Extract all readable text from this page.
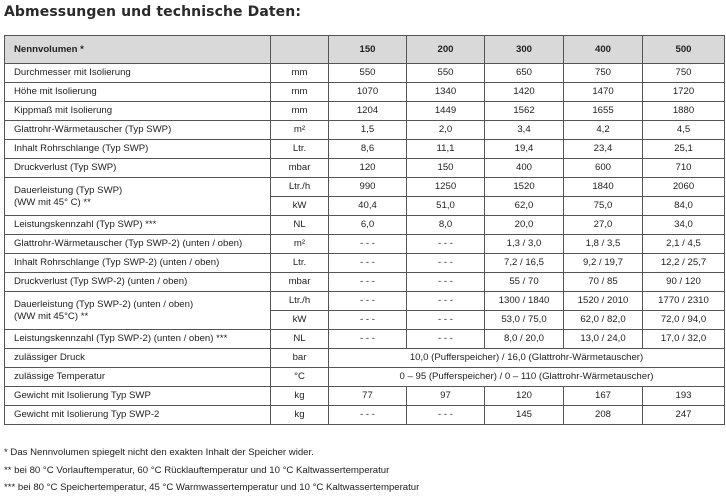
Abmessungen und technische Daten:
Nennvolumen *		150	200	300	400	500
Durchmesser mit Isolierung	mm	550	550	650	750	750
Höhe mit Isolierung	mm	1070	1340	1420	1470	1720
Kippmaß mit Isolierung	mm	1204	1449	1562	1655	1880
Glattrohr-Wärmetauscher (Typ SWP)	m²	1,5	2,0	3,4	4,2	4,5
Inhalt Rohrschlange (Typ SWP)	Ltr.	8,6	11,1	19,4	23,4	25,1
Druckverlust (Typ SWP)	mbar	120	150	400	600	710

Dauerleistung (Typ SWP)
(WW mit 45° C) **	Ltr./h	990	1250	1520	1840	2060
	kW	40,4	51,0	62,0	75,0	84,0
Leistungskennzahl (Typ SWP) ***	NL	6,0	8,0	20,0	27,0	34,0
Glattrohr-Wärmetauscher (Typ SWP-2) (unten / oben)	m²	- - -	- - -	1,3 / 3,0	1,8 / 3,5	2,1 / 4,5
Inhalt Rohrschlange (Typ SWP-2) (unten / oben)	Ltr.	- - -	- - -	7,2 / 16,5	9,2 / 19,7	12,2 / 25,7
Druckverlust (Typ SWP-2) (unten / oben)	mbar	- - -	- - -	55 / 70	70 / 85	90 / 120

Dauerleistung (Typ SWP-2) (unten / oben)
(WW mit 45°C) **	Ltr./h	- - -	- - -	1300 / 1840	1520 / 2010	1770 / 2310
	kW	- - -	- - -	53,0 / 75,0	62,0 / 82,0	72,0 / 94,0
Leistungskennzahl (Typ SWP-2) (unten / oben) ***	NL	- - -	- - -	8,0 / 20,0	13,0 / 24,0	17,0 / 32,0
zulässiger Druck	bar	10,0 (Pufferspeicher) / 16,0 (Glattrohr-Wärmetauscher)				
zulässige Temperatur	°C	0 – 95 (Pufferspeicher) / 0 – 110 (Glattrohr-Wärmetauscher)				
Gewicht mit Isolierung Typ SWP	kg	77	97	120	167	193
Gewicht mit Isolierung Typ SWP-2	kg	- - -	- - -	145	208	247
* Das Nennvolumen spiegelt nicht den exakten Inhalt der Speicher wider.
** bei 80 °C Vorlauftemperatur, 60 °C Rücklauftemperatur und 10 °C Kaltwassertemperatur
*** bei 80 °C Speichertemperatur, 45 °C Warmwassertemperatur und 10 °C Kaltwassertemperatur
